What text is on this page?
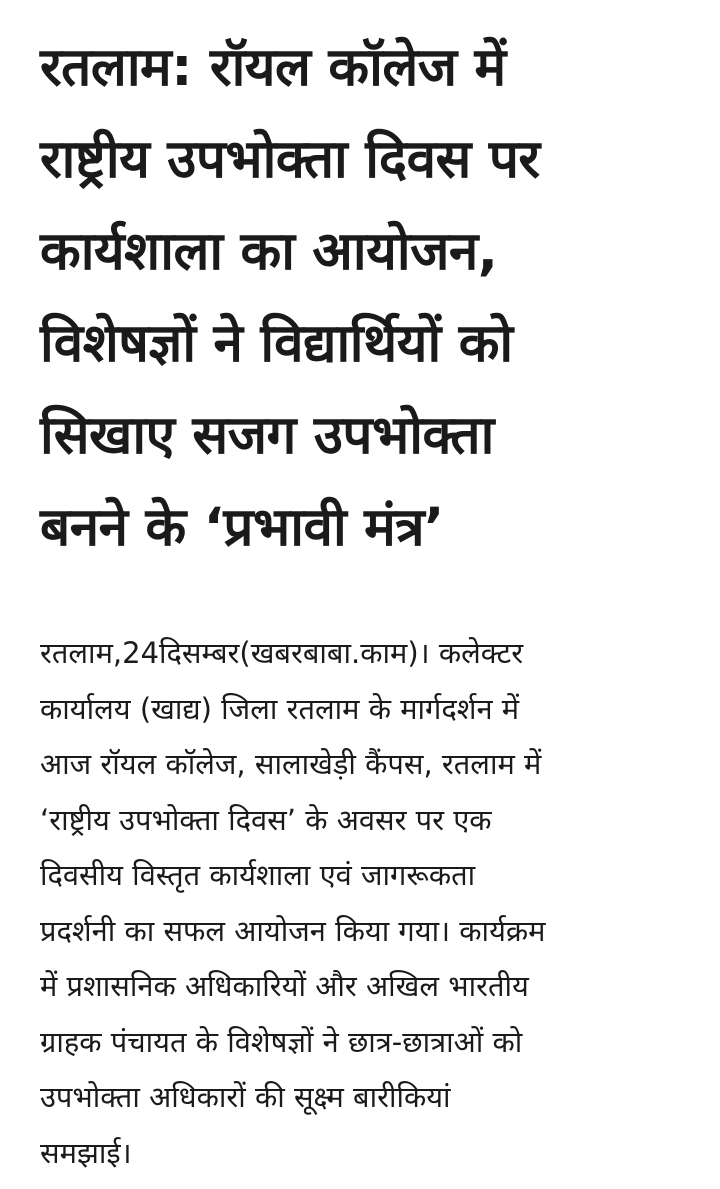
रतलाम: रॉयल कॉलेज में
राष्ट्रीय उपभोक्ता दिवस पर
कार्यशाला का आयोजन,
विशेषज्ञों ने विद्यार्थियों को
सिखाए सजग उपभोक्ता
बनने के ‘प्रभावी मंत्र’

रतलाम,24दिसम्बर(खबरबाबा.काम)। कलेक्टर
कार्यालय (खाद्य) जिला रतलाम के मार्गदर्शन में
आज रॉयल कॉलेज, सालाखेड़ी कैंपस, रतलाम में
‘राष्ट्रीय उपभोक्ता दिवस’ के अवसर पर एक
दिवसीय विस्तृत कार्यशाला एवं जागरूकता
प्रदर्शनी का सफल आयोजन किया गया। कार्यक्रम
में प्रशासनिक अधिकारियों और अखिल भारतीय
ग्राहक पंचायत के विशेषज्ञों ने छात्र-छात्राओं को
उपभोक्ता अधिकारों की सूक्ष्म बारीकियां
समझाई।
